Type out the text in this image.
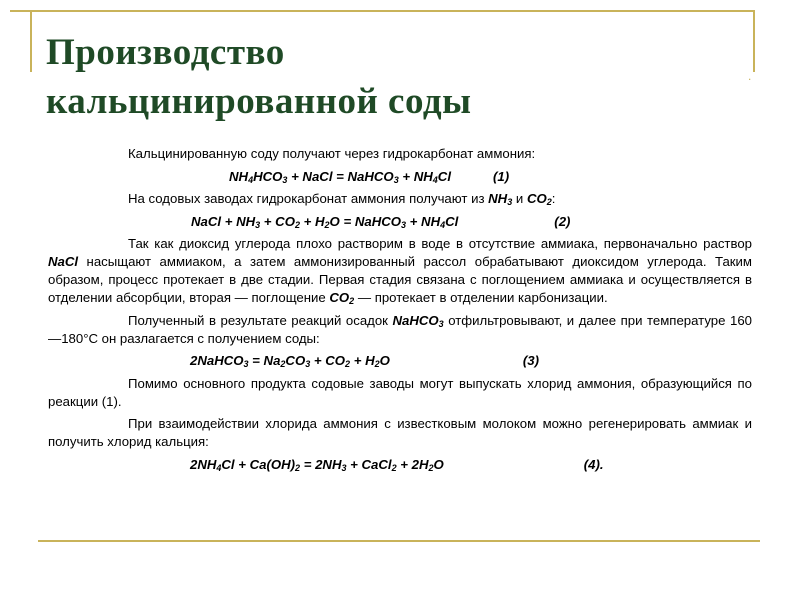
.
Производство
кальцинированной соды

Кальцинированную соду получают через гидрокарбонат аммония:

$NH_4HCO_3$ + NaCl = NaHCO$_3$ + $NH_4Cl$	(1)

На содовых заводах гидрокарбонат аммония получают из $NH_3$ и $CO_2$:

NaCl + $NH_3 + CO_2 + H_2O$ = NaHCO$_3$ + $NH_4Cl$	(2)

Так как диоксид углерода плохо растворим в воде в отсутствие аммиака, первоначально раствор NaCl насыщают аммиаком, а затем аммонизированный рассол обрабатывают диоксидом углерода. Таким образом, процесс протекает в две стадии. Первая стадия связана с поглощением аммиака и осуществляется в отделении абсорбции, вторая — поглощение $CO_2$ — протекает в отделении карбонизации.

Полученный в результате реакций осадок NaHCO$_3$ отфильтровывают, и далее при температуре 160—180°С он разлагается с получением соды:

2NaHCO$_3$ = $Na_2CO_3 + CO_2 + H_2O$	(3)

Помимо основного продукта содовые заводы могут выпускать хлорид аммония, образующийся по реакции (1).

При взаимодействии хлорида аммония с известковым молоком можно регенерировать аммиак и получить хлорид кальция:

$2NH_4Cl + Ca(OH)_2 = 2NH_3$ + CaCl$_2$ + $2H_2O$	(4).
